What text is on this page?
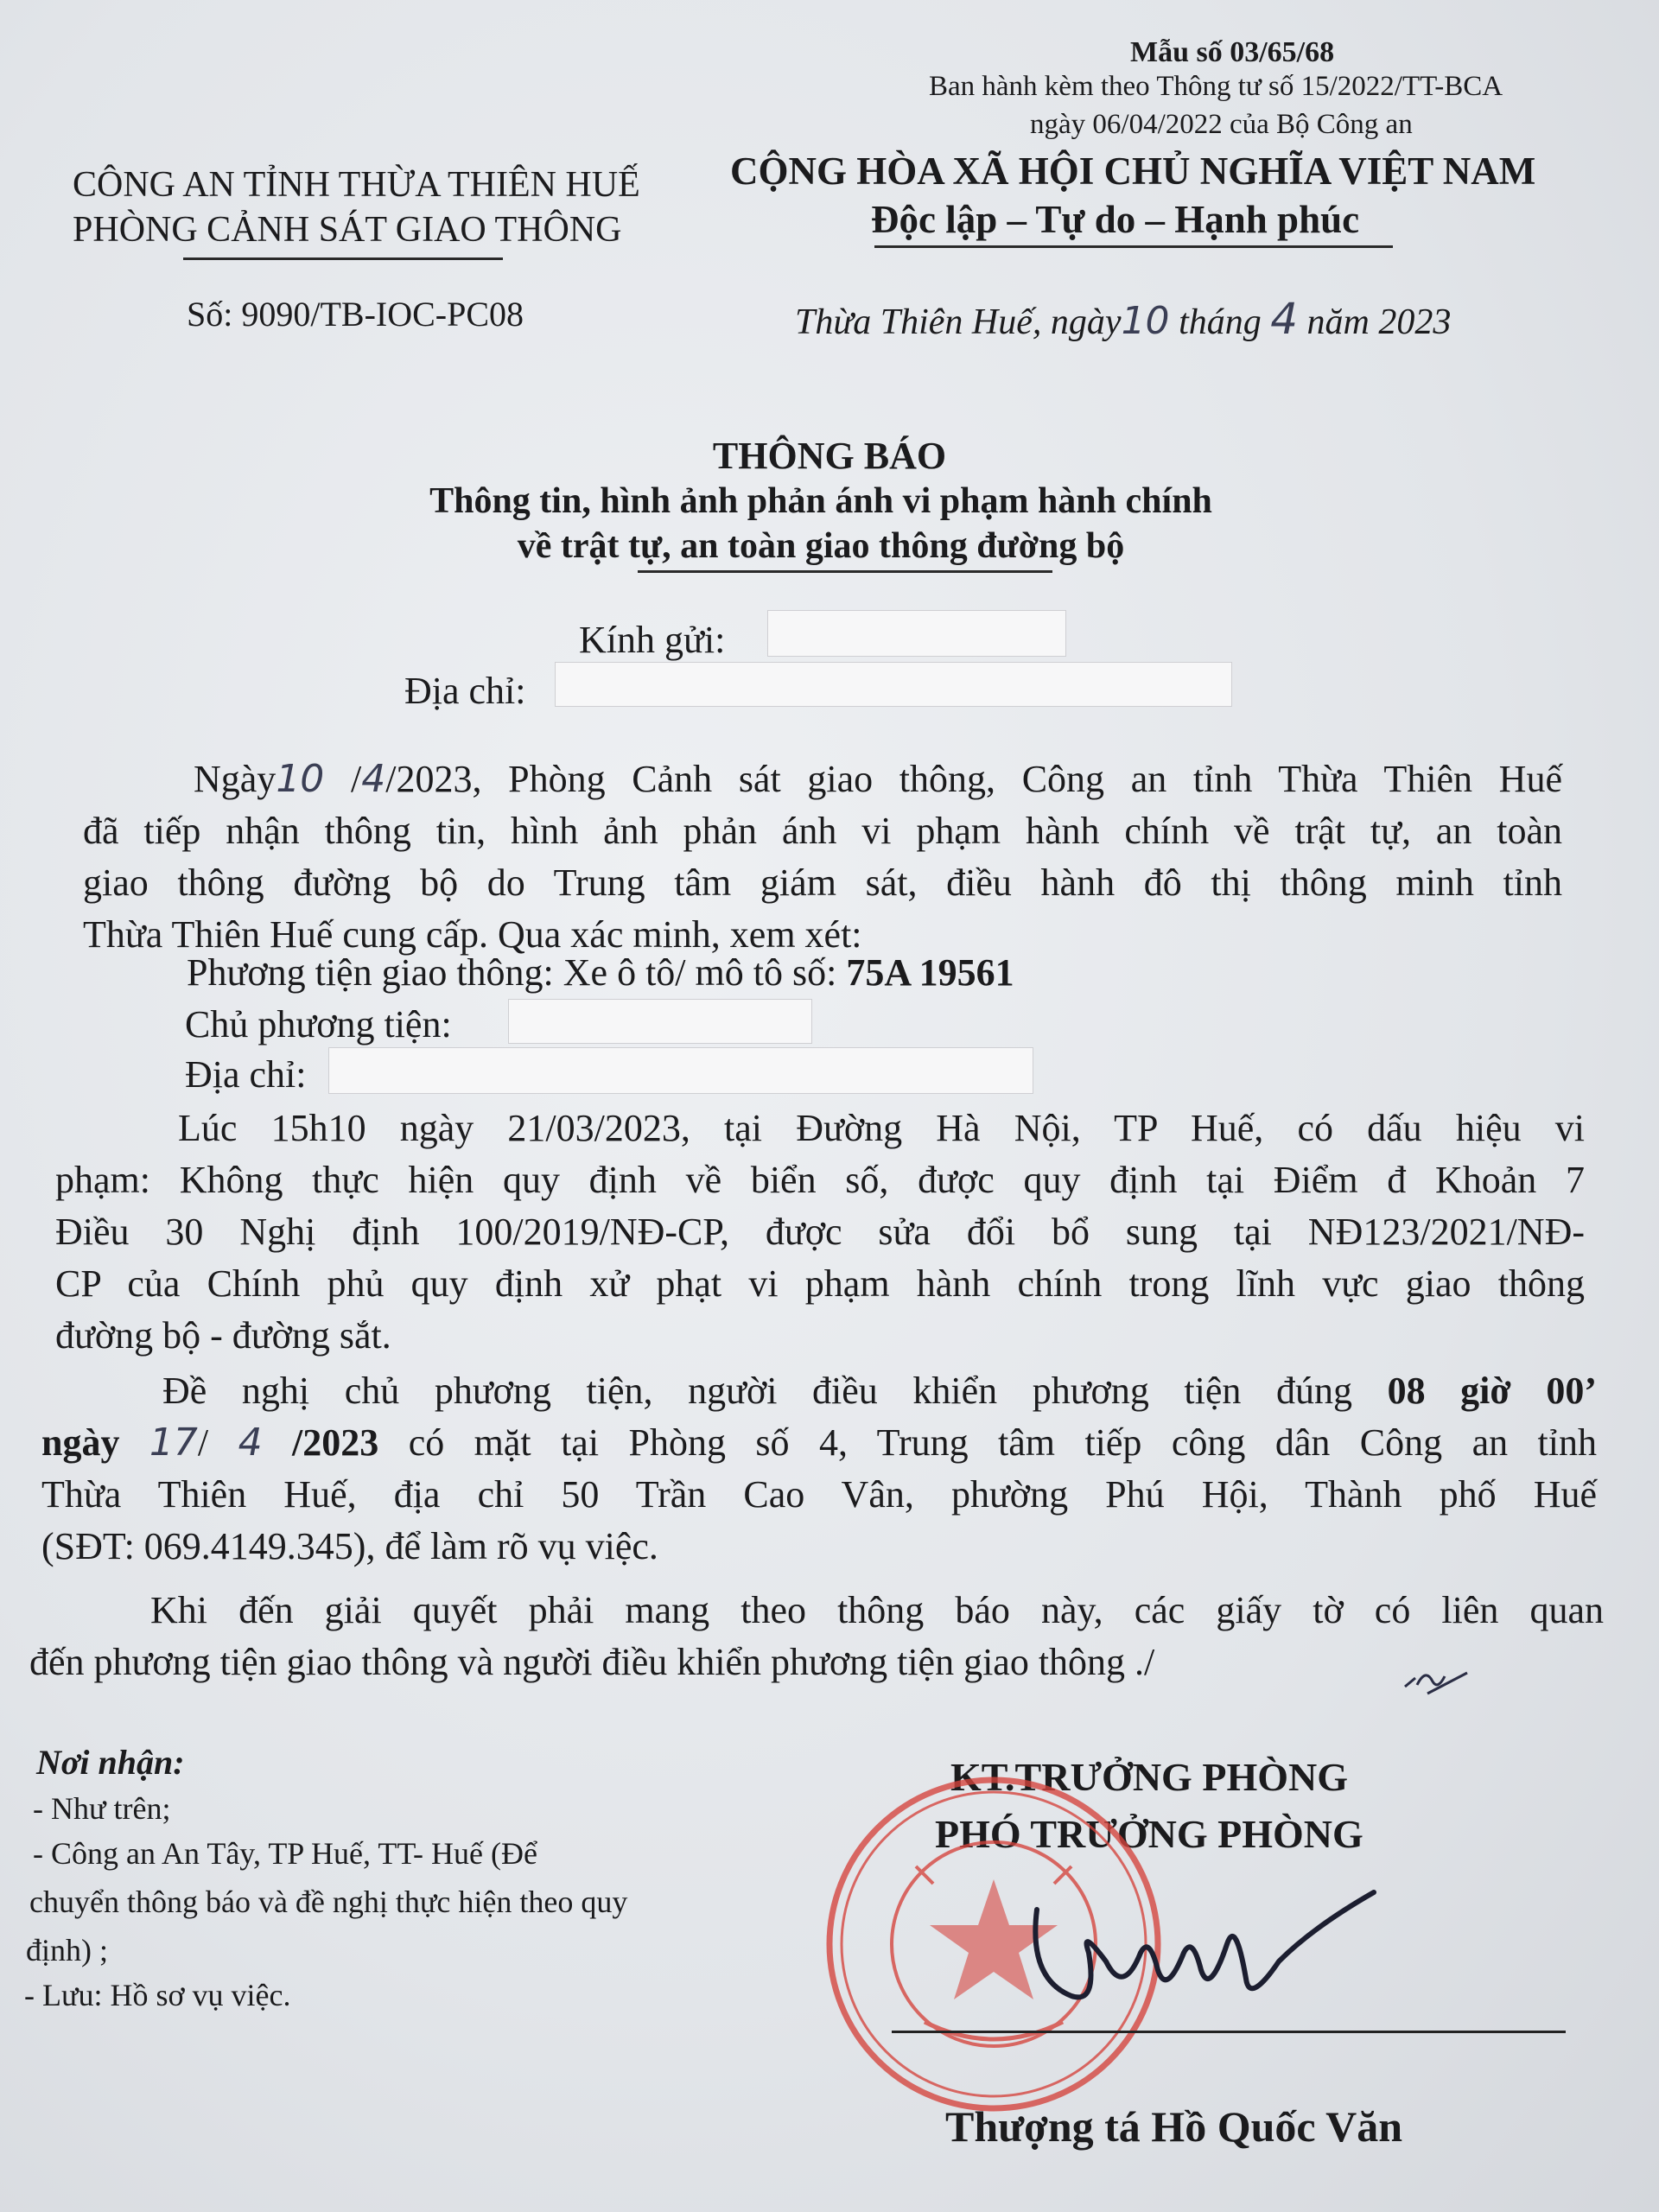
Mẫu số 03/65/68
Ban hành kèm theo Thông tư số 15/2022/TT-BCA
ngày 06/04/2022 của Bộ Công an
CÔNG AN TỈNH THỪA THIÊN HUẾ
PHÒNG CẢNH SÁT GIAO THÔNG
Số: 9090/TB-IOC-PC08
CỘNG HÒA XÃ HỘI CHỦ NGHĨA VIỆT NAM
Độc lập – Tự do – Hạnh phúc
Thừa Thiên Huế, ngày10 tháng 4 năm 2023
THÔNG BÁO
Thông tin, hình ảnh phản ánh vi phạm hành chính
về trật tự, an toàn giao thông đường bộ
Kính gửi:
Địa chỉ:
Ngày10 /4/2023, Phòng Cảnh sát giao thông, Công an tỉnh Thừa Thiên Huế
đã tiếp nhận thông tin, hình ảnh phản ánh vi phạm hành chính về trật tự, an toàn
giao thông đường bộ do Trung tâm giám sát, điều hành đô thị thông minh tỉnh
Thừa Thiên Huế cung cấp. Qua xác minh, xem xét:
Phương tiện giao thông: Xe ô tô/ mô tô số: 75A 19561
Chủ phương tiện:
Địa chỉ:
Lúc 15h10 ngày 21/03/2023, tại Đường Hà Nội, TP Huế, có dấu hiệu vi
phạm: Không thực hiện quy định về biển số, được quy định tại Điểm đ Khoản 7
Điều 30 Nghị định 100/2019/NĐ-CP, được sửa đổi bổ sung tại NĐ123/2021/NĐ-
CP của Chính phủ quy định xử phạt vi phạm hành chính trong lĩnh vực giao thông
đường bộ - đường sắt.
Đề nghị chủ phương tiện, người điều khiển phương tiện đúng 08 giờ 00’
ngày 17/ 4 /2023 có mặt tại Phòng số 4, Trung tâm tiếp công dân Công an tỉnh
Thừa Thiên Huế, địa chỉ 50 Trần Cao Vân, phường Phú Hội, Thành phố Huế
(SĐT: 069.4149.345), để làm rõ vụ việc.
Khi đến giải quyết phải mang theo thông báo này, các giấy tờ có liên quan
đến phương tiện giao thông và người điều khiển phương tiện giao thông ./
Nơi nhận:
- Như trên;
- Công an An Tây, TP Huế, TT- Huế (Để
chuyển thông báo và đề nghị thực hiện theo quy
định) ;
- Lưu: Hồ sơ vụ việc.
KT.TRƯỞNG PHÒNG
PHÓ TRƯỞNG PHÒNG
Thượng tá Hồ Quốc Văn
